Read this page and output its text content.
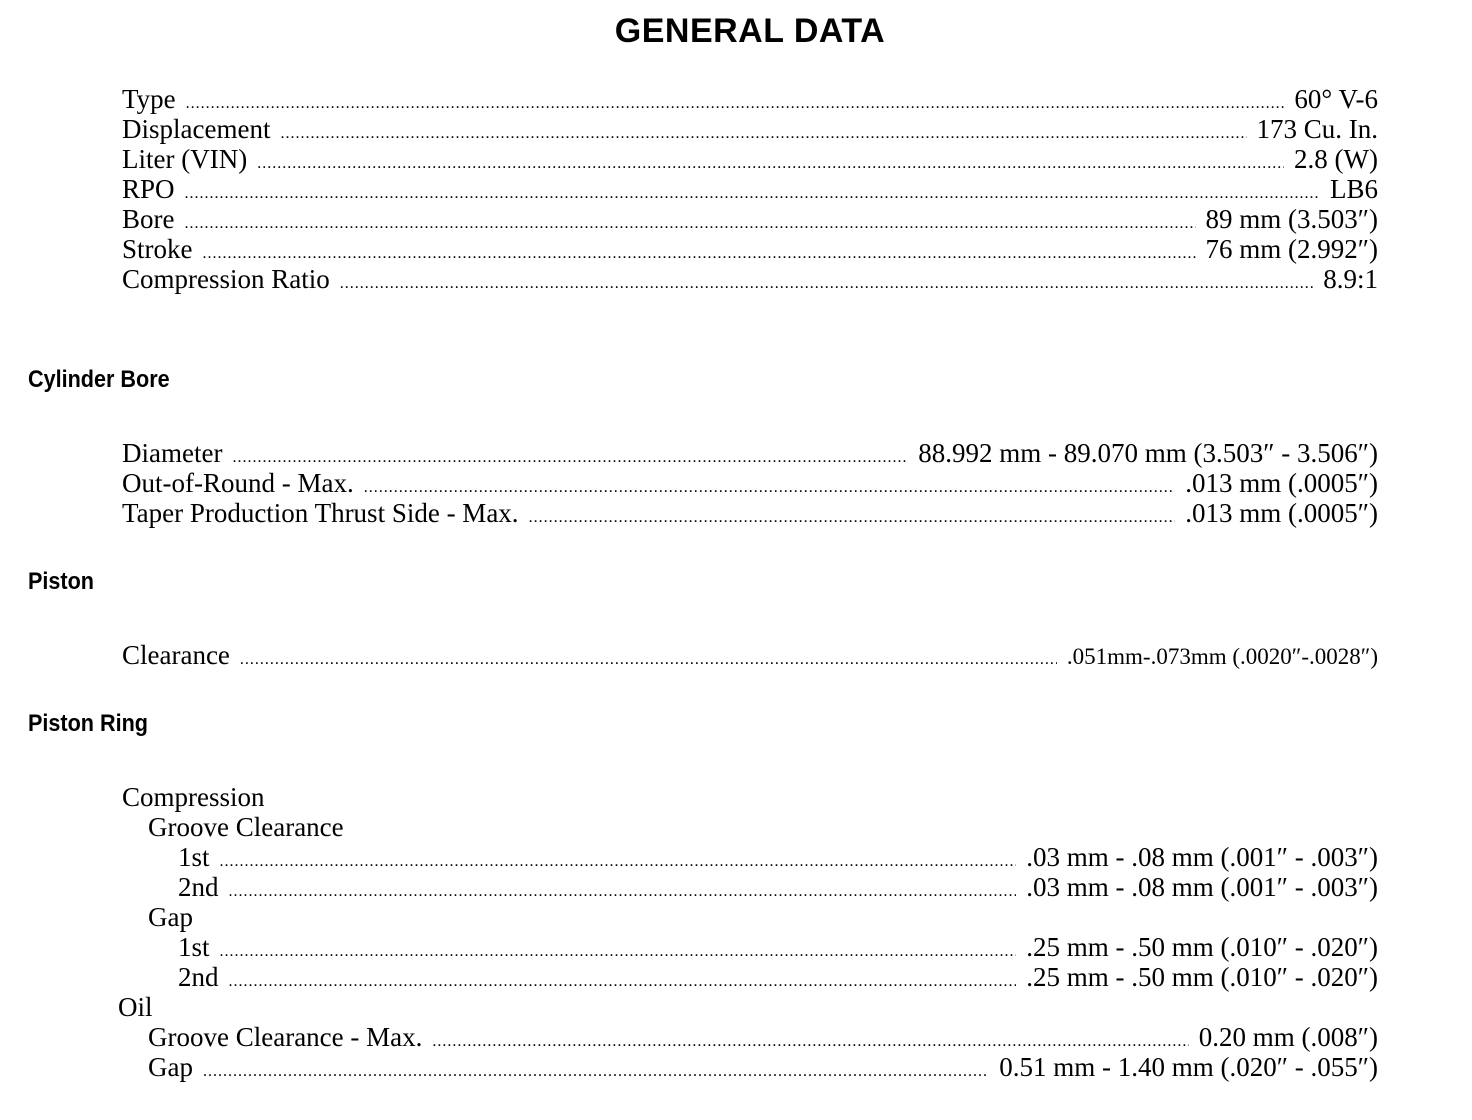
GENERAL DATA
Type .....	60° V-6
Displacement .....	173 Cu. In.
Liter (VIN) .....	2.8 (W)
RPO .....	LB6
Bore .....	89 mm (3.503″)
Stroke .....	76 mm (2.992″)
Compression Ratio .....	8.9:1
Cylinder Bore
Diameter .....	88.992 mm - 89.070 mm (3.503″ - 3.506″)
Out-of-Round - Max. .....	.013 mm (.0005″)
Taper Production Thrust Side - Max. .....	.013 mm (.0005″)
Piston
Clearance .....	.051mm-.073mm (.0020″-.0028″)
Piston Ring
Compression
Groove Clearance
1st .....	.03 mm - .08 mm (.001″ - .003″)
2nd .....	.03 mm - .08 mm (.001″ - .003″)
Gap
1st .....	.25 mm - .50 mm (.010″ - .020″)
2nd .....	.25 mm - .50 mm (.010″ - .020″)
Oil
Groove Clearance - Max. .....	0.20 mm (.008″)
Gap .....	0.51 mm - 1.40 mm (.020″ - .055″)
